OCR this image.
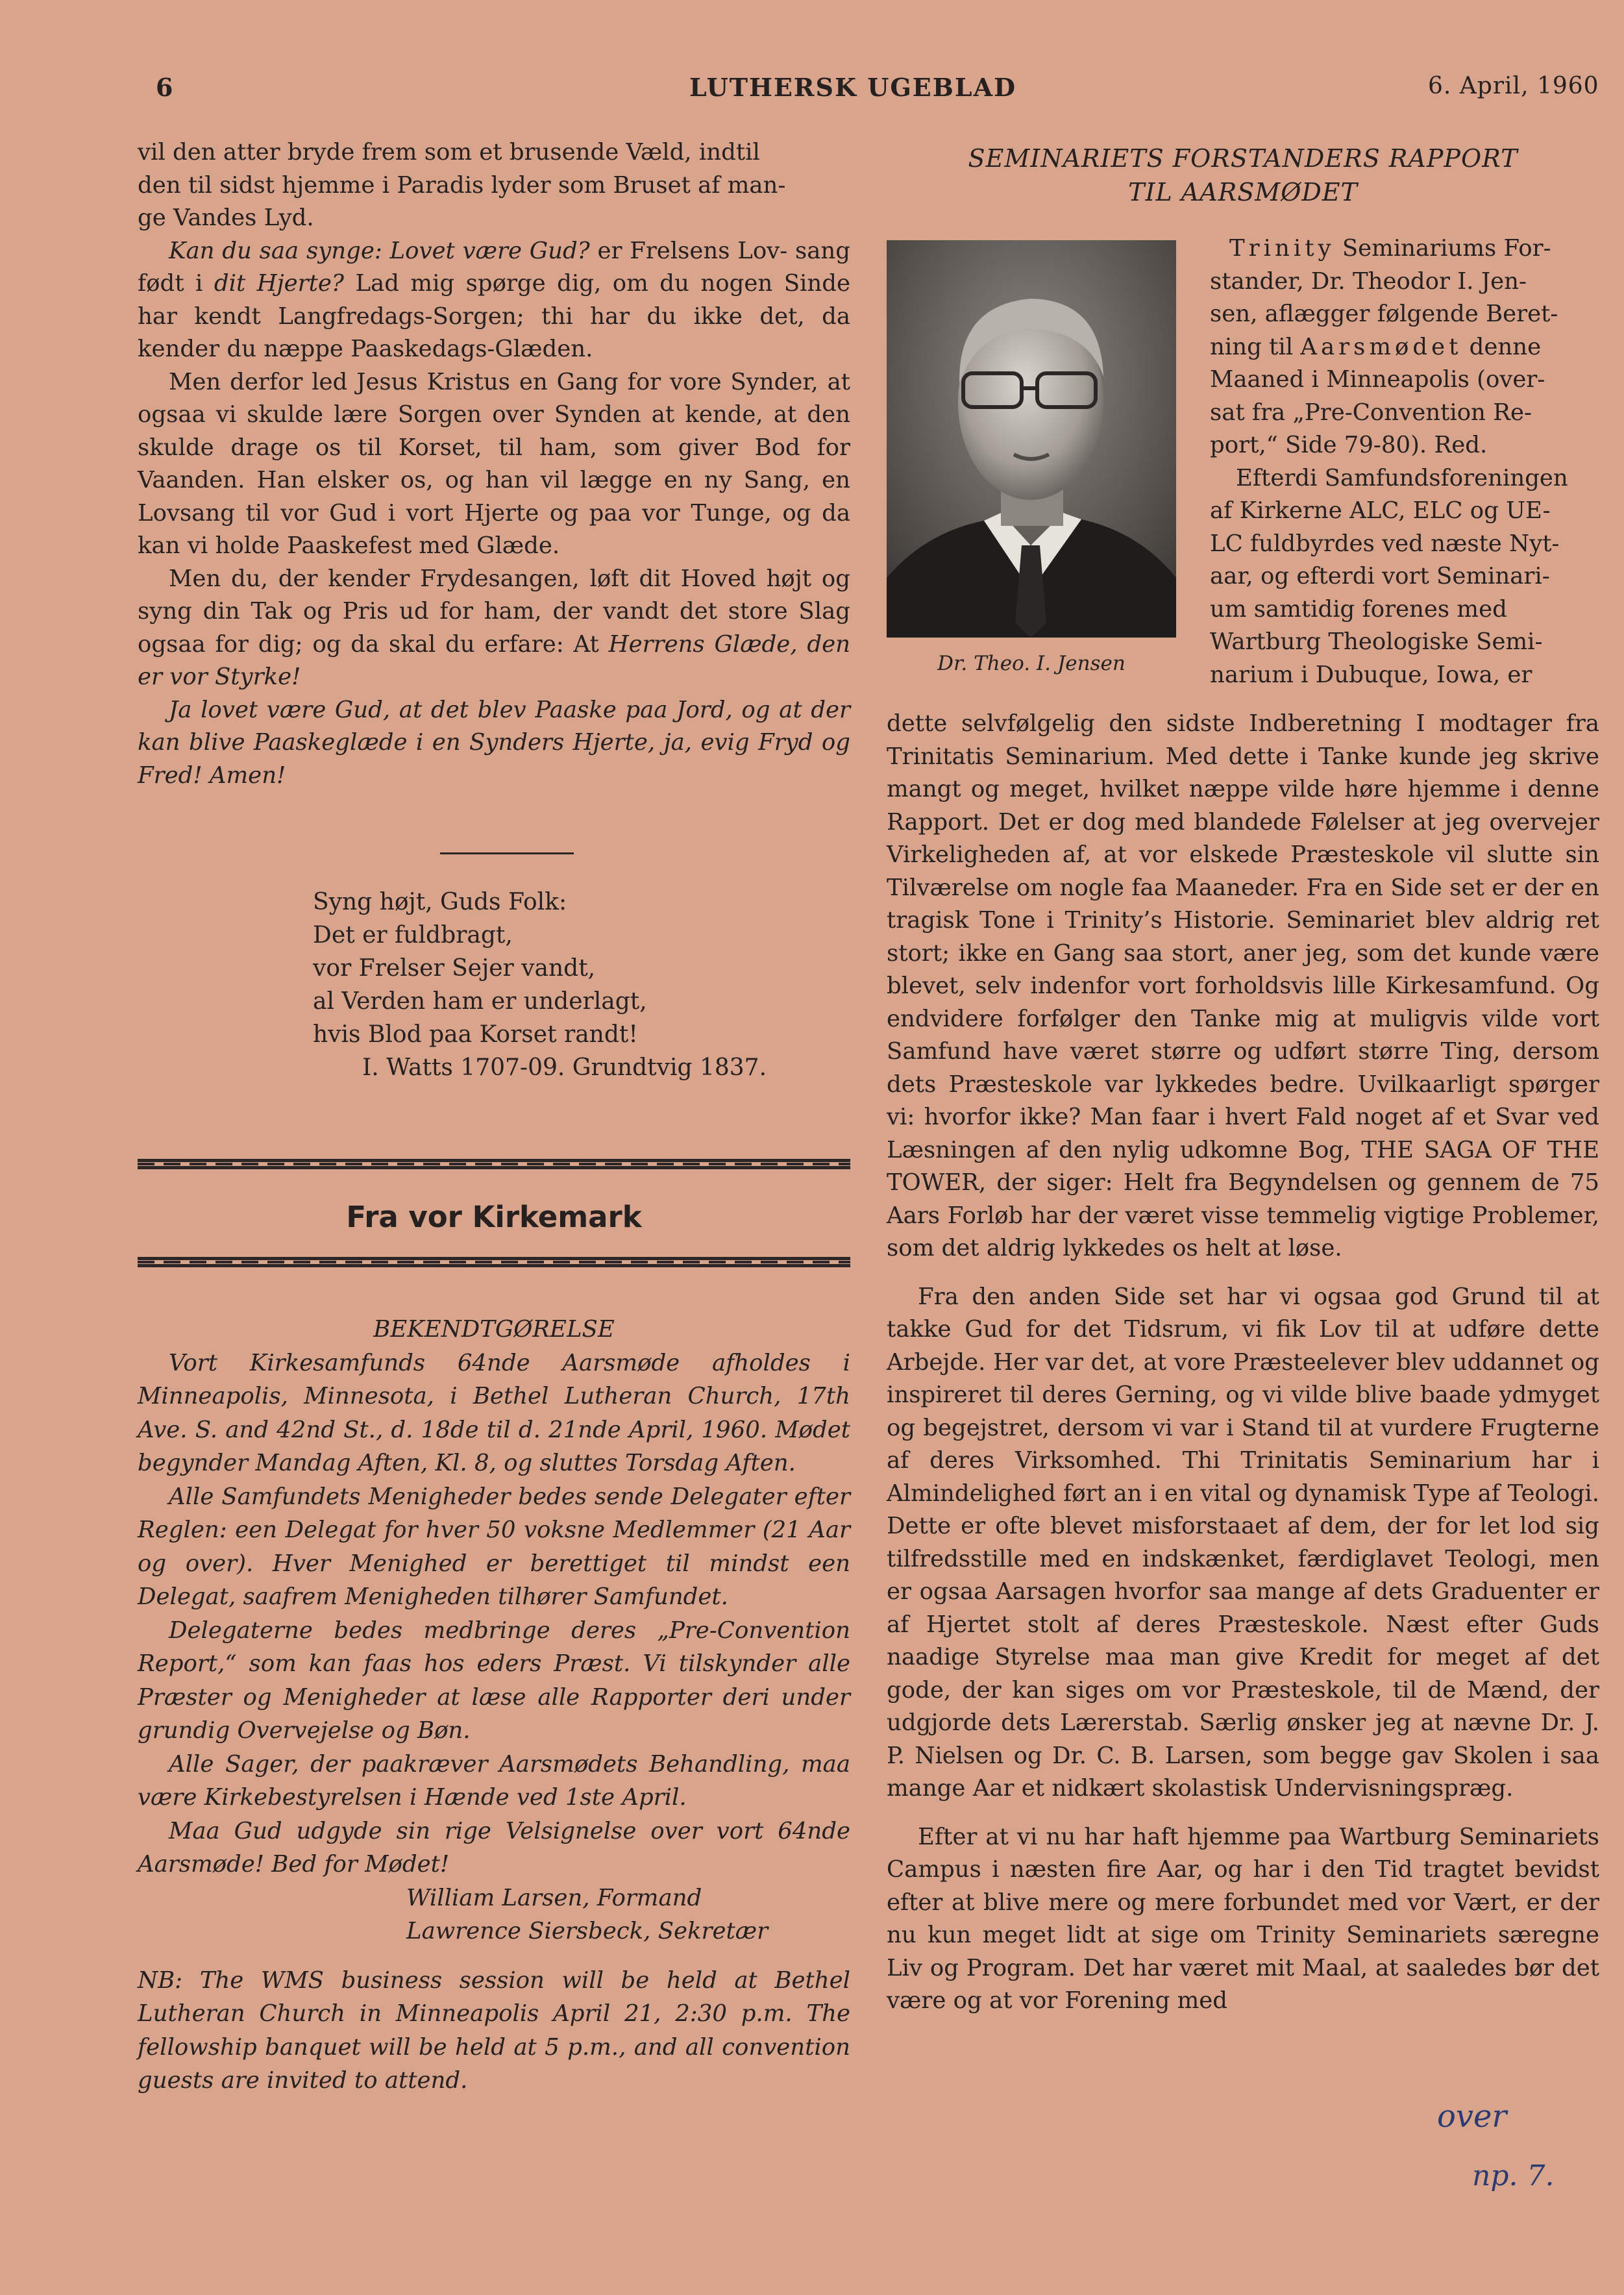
6	LUTHERSK UGEBLAD	6. April, 1960

vil den atter bryde frem som et brusende Væld, indtil

den til sidst hjemme i Paradis lyder som Bruset af man-

ge Vandes Lyd.

Kan du saa synge: Lovet være Gud? er Frelsens Lov- sang født i dit Hjerte? Lad mig spørge dig, om du nogen Sinde har kendt Langfredags-Sorgen; thi har du ikke det, da kender du næppe Paaskedags-Glæden.

Men derfor led Jesus Kristus en Gang for vore Synder, at ogsaa vi skulde lære Sorgen over Synden at kende, at den skulde drage os til Korset, til ham, som giver Bod for Vaanden. Han elsker os, og han vil lægge en ny Sang, en Lovsang til vor Gud i vort Hjerte og paa vor Tunge, og da kan vi holde Paaskefest med Glæde.

Men du, der kender Frydesangen, løft dit Hoved højt og syng din Tak og Pris ud for ham, der vandt det store Slag ogsaa for dig; og da skal du erfare: At Herrens Glæde, den er vor Styrke!

Ja lovet være Gud, at det blev Paaske paa Jord, og at der kan blive Paaskeglæde i en Synders Hjerte, ja, evig Fryd og Fred! Amen!

Syng højt, Guds Folk:
Det er fuldbragt,
vor Frelser Sejer vandt,
al Verden ham er underlagt,
hvis Blod paa Korset randt!
I. Watts 1707-09. Grundtvig 1837.
Fra vor Kirkemark

BEKENDTGØRELSE

Vort Kirkesamfunds 64nde Aarsmøde afholdes i Minneapolis, Minnesota, i Bethel Lutheran Church, 17th Ave. S. and 42nd St., d. 18de til d. 21nde April, 1960. Mødet begynder Mandag Aften, Kl. 8, og sluttes Torsdag Aften.

Alle Samfundets Menigheder bedes sende Delegater efter Reglen: een Delegat for hver 50 voksne Medlemmer (21 Aar og over). Hver Menighed er berettiget til mindst een Delegat, saafrem Menigheden tilhører Samfundet.

Delegaterne bedes medbringe deres „Pre-Convention Report,“ som kan faas hos eders Præst. Vi tilskynder alle Præster og Menigheder at læse alle Rapporter deri under grundig Overvejelse og Bøn.

Alle Sager, der paakræver Aarsmødets Behandling, maa være Kirkebestyrelsen i Hænde ved 1ste April.

Maa Gud udgyde sin rige Velsignelse over vort 64nde Aarsmøde! Bed for Mødet!

William Larsen, Formand

Lawrence Siersbeck, Sekretær

NB: The WMS business session will be held at Bethel Lutheran Church in Minneapolis April 21, 2:30 p.m. The fellowship banquet will be held at 5 p.m., and all convention guests are invited to attend.

SEMINARIETS FORSTANDERS RAPPORT
TIL AARSMØDET
Dr. Theo. I. Jensen

Trinity Seminariums For-

stander, Dr. Theodor I. Jen-

sen, aflægger følgende Beret-

ning til Aarsmødet denne

Maaned i Minneapolis (over-

sat fra „Pre-Convention Re-

port,“ Side 79-80). Red.

Efterdi Samfundsforeningen

af Kirkerne ALC, ELC og UE-

LC fuldbyrdes ved næste Nyt-

aar, og efterdi vort Seminari-

um samtidig forenes med

Wartburg Theologiske Semi-

narium i Dubuque, Iowa, er

dette selvfølgelig den sidste Indberetning I modtager fra Trinitatis Seminarium. Med dette i Tanke kunde jeg skrive mangt og meget, hvilket næppe vilde høre hjemme i denne Rapport. Det er dog med blandede Følelser at jeg overvejer Virkeligheden af, at vor elskede Præsteskole vil slutte sin Tilværelse om nogle faa Maaneder. Fra en Side set er der en tragisk Tone i Trinity’s Historie. Seminariet blev aldrig ret stort; ikke en Gang saa stort, aner jeg, som det kunde være blevet, selv indenfor vort forholdsvis lille Kirkesamfund. Og endvidere forfølger den Tanke mig at muligvis vilde vort Samfund have været større og udført større Ting, dersom dets Præsteskole var lykkedes bedre. Uvilkaarligt spørger vi: hvorfor ikke? Man faar i hvert Fald noget af et Svar ved Læsningen af den nylig udkomne Bog, THE SAGA OF THE TOWER, der siger: Helt fra Begyndelsen og gennem de 75 Aars Forløb har der været visse temmelig vigtige Problemer, som det aldrig lykkedes os helt at løse.

Fra den anden Side set har vi ogsaa god Grund til at takke Gud for det Tidsrum, vi fik Lov til at udføre dette Arbejde. Her var det, at vore Præsteelever blev uddannet og inspireret til deres Gerning, og vi vilde blive baade ydmyget og begejstret, dersom vi var i Stand til at vurdere Frugterne af deres Virksomhed. Thi Trinitatis Seminarium har i Almindelighed ført an i en vital og dynamisk Type af Teologi. Dette er ofte blevet misforstaaet af dem, der for let lod sig tilfredsstille med en indskænket, færdiglavet Teologi, men er ogsaa Aarsagen hvorfor saa mange af dets Graduenter er af Hjertet stolt af deres Præsteskole. Næst efter Guds naadige Styrelse maa man give Kredit for meget af det gode, der kan siges om vor Præsteskole, til de Mænd, der udgjorde dets Lærerstab. Særlig ønsker jeg at nævne Dr. J. P. Nielsen og Dr. C. B. Larsen, som begge gav Skolen i saa mange Aar et nidkært skolastisk Undervisningspræg.

Efter at vi nu har haft hjemme paa Wartburg Seminariets Campus i næsten fire Aar, og har i den Tid tragtet bevidst efter at blive mere og mere forbundet med vor Vært, er der nu kun meget lidt at sige om Trinity Seminariets særegne Liv og Program. Det har været mit Maal, at saaledes bør det være og at vor Forening med

over
np. 7.
